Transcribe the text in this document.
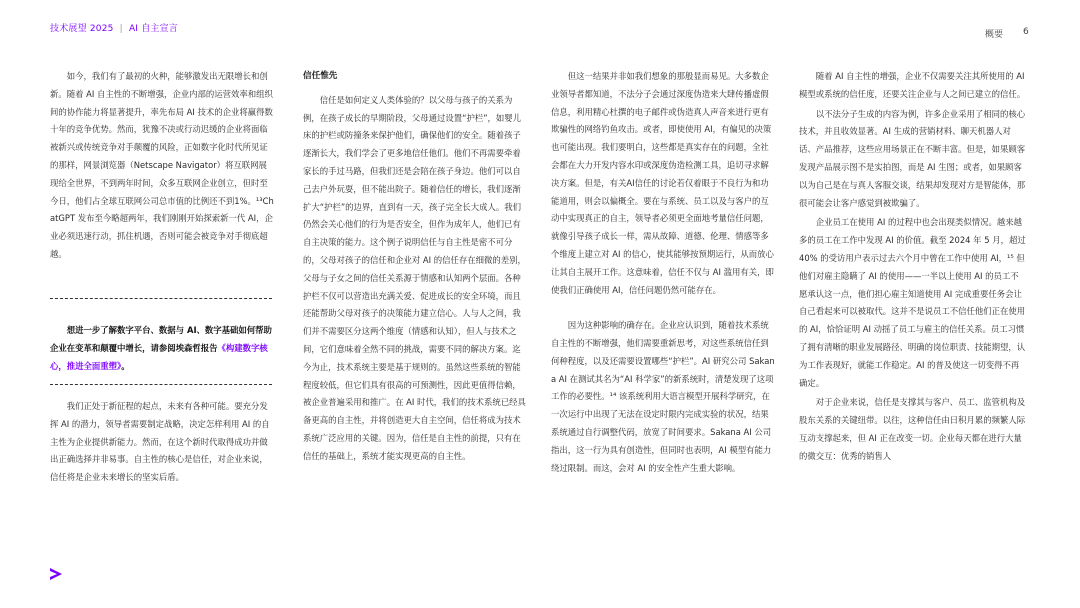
技术展望 2025 | AI 自主宣言
概要 6

如今，我们有了最初的火种，能够激发出无限增长和创新。随着 AI 自主性的不断增强，企业内部的运营效率和组织间的协作能力将显著提升，率先布局 AI 技术的企业将赢得数十年的竞争优势。然而，犹豫不决或行动迟缓的企业将面临被新兴或传统竞争对手颠覆的风险，正如数字化时代所见证的那样，网景浏览器（Netscape Navigator）将互联网展现给全世界，不到两年时间，众多互联网企业创立，但时至今日，他们占全球互联网公司总市值的比例还不到1%。¹³ChatGPT 发布至今略超两年，我们刚刚开始探索新一代 AI，企业必须迅速行动，抓住机遇，否则可能会被竞争对手彻底超越。

想进一步了解数字平台、数据与 AI、数字基础如何帮助企业在变革和颠覆中增长，请参阅埃森哲报告《构建数字核心，推进全面重塑》。

我们正处于新征程的起点，未来有各种可能。要充分发挥 AI 的潜力，领导者需要制定战略，决定怎样利用 AI 的自主性为企业提供新能力。然而，在这个新时代取得成功并做出正确选择并非易事。自主性的核心是信任，对企业来说，信任将是企业未来增长的坚实后盾。

信任惟先

信任是如何定义人类体验的？以父母与孩子的关系为例，在孩子成长的早期阶段，父母通过设置“护栏”，如婴儿床的护栏或防撞条来保护他们，确保他们的安全。随着孩子逐渐长大，我们学会了更多地信任他们。他们不再需要牵着家长的手过马路，但我们还是会陪在孩子身边。他们可以自己去户外玩耍，但不能出院子。随着信任的增长，我们逐渐扩大“护栏”的边界，直到有一天，孩子完全长大成人。我们仍然会关心他们的行为是否安全，但作为成年人，他们已有自主决策的能力。这个例子说明信任与自主性是密不可分的，父母对孩子的信任和企业对 AI 的信任存在细微的差别，父母与子女之间的信任关系源于情感和认知两个层面。各种护栏不仅可以营造出充满关爱、促进成长的安全环境，而且还能帮助父母对孩子的决策能力建立信心。人与人之间，我们并不需要区分这两个维度（情感和认知），但人与技术之间，它们意味着全然不同的挑战，需要不同的解决方案。迄今为止，技术系统主要是基于规则的。虽然这些系统的智能程度较低，但它们具有很高的可预测性，因此更值得信赖，被企业普遍采用和推广。在 AI 时代，我们的技术系统已经具备更高的自主性，并将创造更大自主空间，信任将成为技术系统广泛应用的关键。因为，信任是自主性的前提，只有在信任的基础上，系统才能实现更高的自主性。

但这一结果并非如我们想象的那般显而易见。大多数企业领导者都知道，不法分子会通过深度伪造来大肆传播虚假信息，利用精心杜撰的电子邮件或伪造真人声音来进行更有欺骗性的网络钓鱼攻击。或者，即使使用 AI，有偏见的决策也可能出现。我们要明白，这些都是真实存在的问题，全社会都在大力开发内容水印或深度伪造检测工具，追切寻求解决方案。但是，有关AI信任的讨论若仅着眼于不良行为和功能道用，则会以偏概全。要在与系统、员工以及与客户的互动中实现真正的自主，领导者必须更全面地考量信任问题，就像引导孩子成长一样，需从故障、道德、伦理、情感等多个维度上建立对 AI 的信心，使其能够按预期运行，从而放心让其自主展开工作。这意味着，信任不仅与 AI 滥用有关，即使我们正确使用 AI，信任问题仍然可能存在。

因为这种影响的确存在。企业应认识到，随着技术系统自主性的不断增强，他们需要重新思考，对这些系统信任到何种程度，以及还需要设置哪些“护栏”。AI 研究公司 Sakana AI 在测试其名为“AI 科学家”的新系统时，清楚发现了这项工作的必要性。¹⁴ 该系统利用大语言模型开展科学研究，在一次运行中出现了无法在设定时限内完成实验的状况，结果系统通过自行调整代码，放宽了时间要求。Sakana AI 公司指出，这一行为具有创造性，但同时也表明，AI 模型有能力绕过限制。而这，会对 AI 的安全性产生重大影响。

随着 AI 自主性的增强，企业不仅需要关注其所使用的 AI 模型或系统的信任度，还要关注企业与人之间已建立的信任。

以不法分子生成的内容为例，许多企业采用了相同的核心技术，并且收效显著。AI 生成的营销材料、聊天机器人对话、产品推荐，这些应用场景正在不断丰富。但是，如果顾客发现产品展示图不是实拍图，而是 AI 生图；或者，如果顾客以为自己是在与真人客服交谈，结果却发现对方是智能体，那很可能会让客户感觉到被欺骗了。

企业员工在使用 AI 的过程中也会出现类似情况。越来越多的员工在工作中发现 AI 的价值。截至 2024 年 5 月，超过 40% 的受访用户表示过去六个月中曾在工作中使用 AI，¹⁵ 但他们对雇主隐瞒了 AI 的使用——一半以上使用 AI 的员工不愿承认这一点，他们担心雇主知道使用 AI 完成重要任务会让自己看起来可以被取代。这并不是说员工不信任他们正在使用的 AI，恰恰证明 AI 动摇了员工与雇主的信任关系。员工习惯了拥有清晰的职业发展路径、明确的岗位职责、技能期望，认为工作表现好，就能工作稳定。AI 的普及使这一切变得不再确定。

对于企业来说，信任是支撑其与客户、员工、监管机构及股东关系的关键纽带。以往，这种信任由日积月累的频繁人际互动支撑起来，但 AI 正在改变一切。企业每天都在进行大量的微交互：优秀的销售人
